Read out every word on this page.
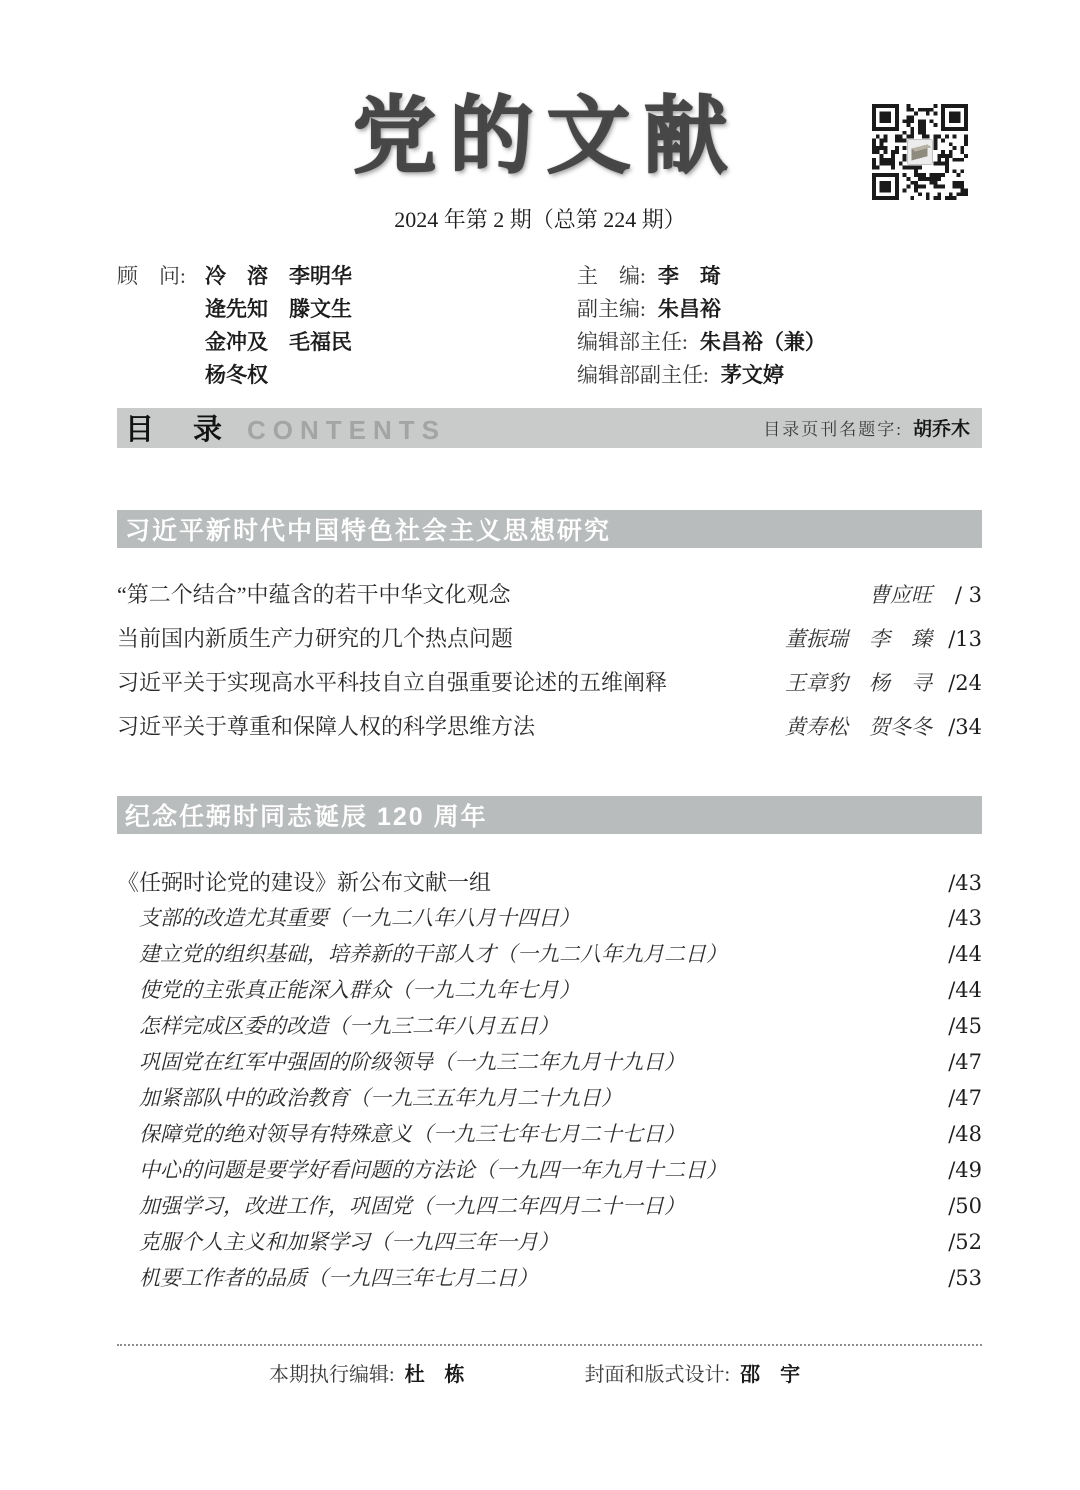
党的文献
2024 年第 2 期（总第 224 期）
顾　问: 冷　溶　李明华
逄先知　滕文生
金冲及　毛福民
杨冬权
主　编: 李　琦
副主编: 朱昌裕
编辑部主任: 朱昌裕（兼）
编辑部副主任: 茅文婷
目　录 CONTENTS	目录页刊名题字: 胡乔木
习近平新时代中国特色社会主义思想研究
“第二个结合”中蕴含的若干中华文化观念	曹应旺	/ 3
当前国内新质生产力研究的几个热点问题	董振瑞　李　臻 /13
习近平关于实现高水平科技自立自强重要论述的五维阐释	王章豹　杨　寻 /24
习近平关于尊重和保障人权的科学思维方法	黄寿松　贺冬冬 /34
纪念任弼时同志诞辰 120 周年
《任弼时论党的建设》新公布文献一组	/43
支部的改造尤其重要（一九二八年八月十四日）	/43
建立党的组织基础，培养新的干部人才（一九二八年九月二日）	/44
使党的主张真正能深入群众（一九二九年七月）	/44
怎样完成区委的改造（一九三二年八月五日）	/45
巩固党在红军中强固的阶级领导（一九三二年九月十九日）	/47
加紧部队中的政治教育（一九三五年九月二十九日）	/47
保障党的绝对领导有特殊意义（一九三七年七月二十七日）	/48
中心的问题是要学好看问题的方法论（一九四一年九月十二日）	/49
加强学习，改进工作，巩固党（一九四二年四月二十一日）	/50
克服个人主义和加紧学习（一九四三年一月）	/52
机要工作者的品质（一九四三年七月二日）	/53
本期执行编辑: 杜　栋	封面和版式设计: 邵　宇
